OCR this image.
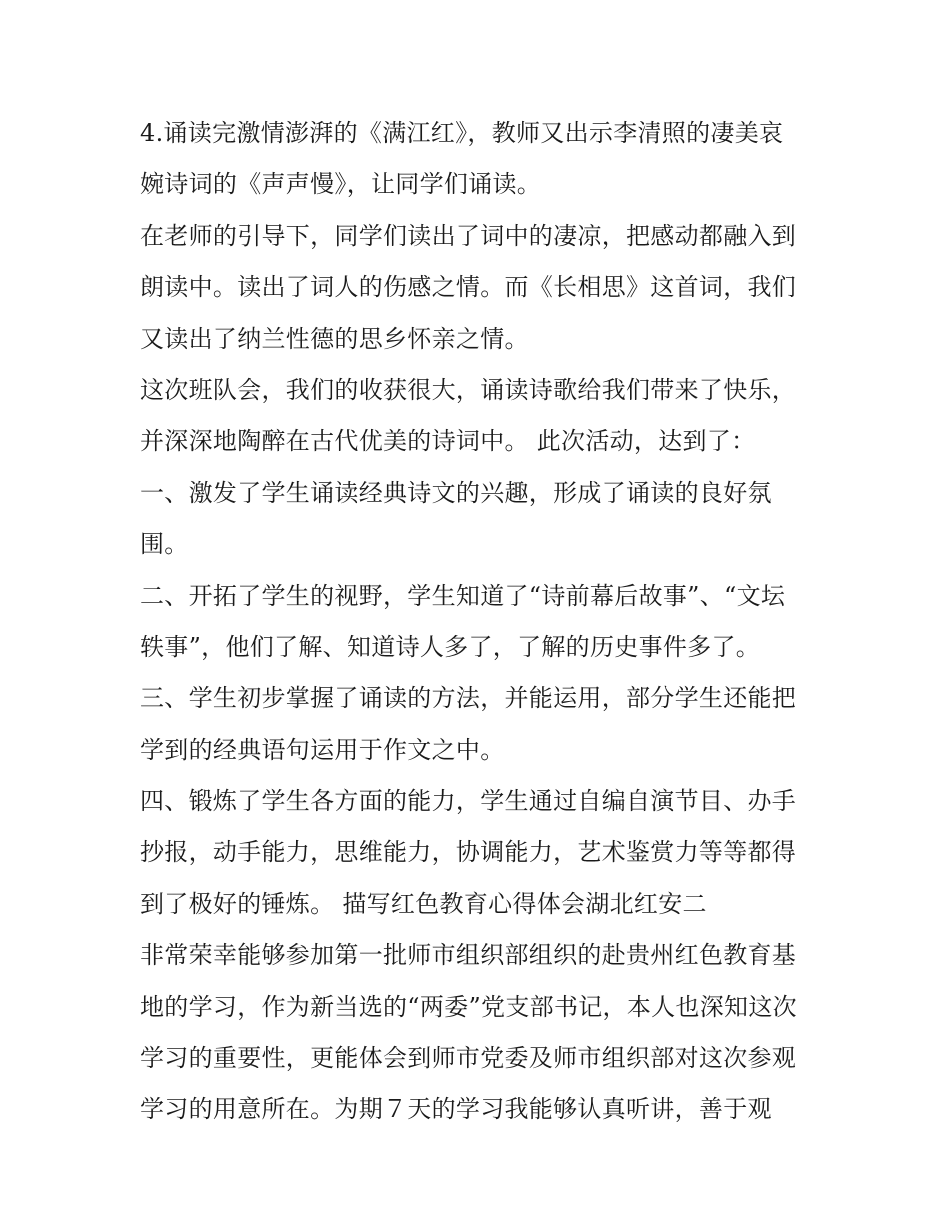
4.诵读完激情澎湃的《满江红》，教师又出示李清照的凄美哀
婉诗词的《声声慢》，让同学们诵读。
在老师的引导下，同学们读出了词中的凄凉，把感动都融入到
朗读中。读出了词人的伤感之情。而《长相思》这首词，我们
又读出了纳兰性德的思乡怀亲之情。
这次班队会，我们的收获很大，诵读诗歌给我们带来了快乐，
并深深地陶醉在古代优美的诗词中。 此次活动，达到了：
一、激发了学生诵读经典诗文的兴趣，形成了诵读的良好氛
围。
二、开拓了学生的视野，学生知道了“诗前幕后故事”、“文坛
轶事”，他们了解、知道诗人多了，了解的历史事件多了。
三、学生初步掌握了诵读的方法，并能运用，部分学生还能把
学到的经典语句运用于作文之中。
四、锻炼了学生各方面的能力，学生通过自编自演节目、办手
抄报，动手能力，思维能力，协调能力，艺术鉴赏力等等都得
到了极好的锤炼。 描写红色教育心得体会湖北红安二
非常荣幸能够参加第一批师市组织部组织的赴贵州红色教育基
地的学习，作为新当选的“两委”党支部书记，本人也深知这次
学习的重要性，更能体会到师市党委及师市组织部对这次参观
学习的用意所在。为期７天的学习我能够认真听讲，善于观
